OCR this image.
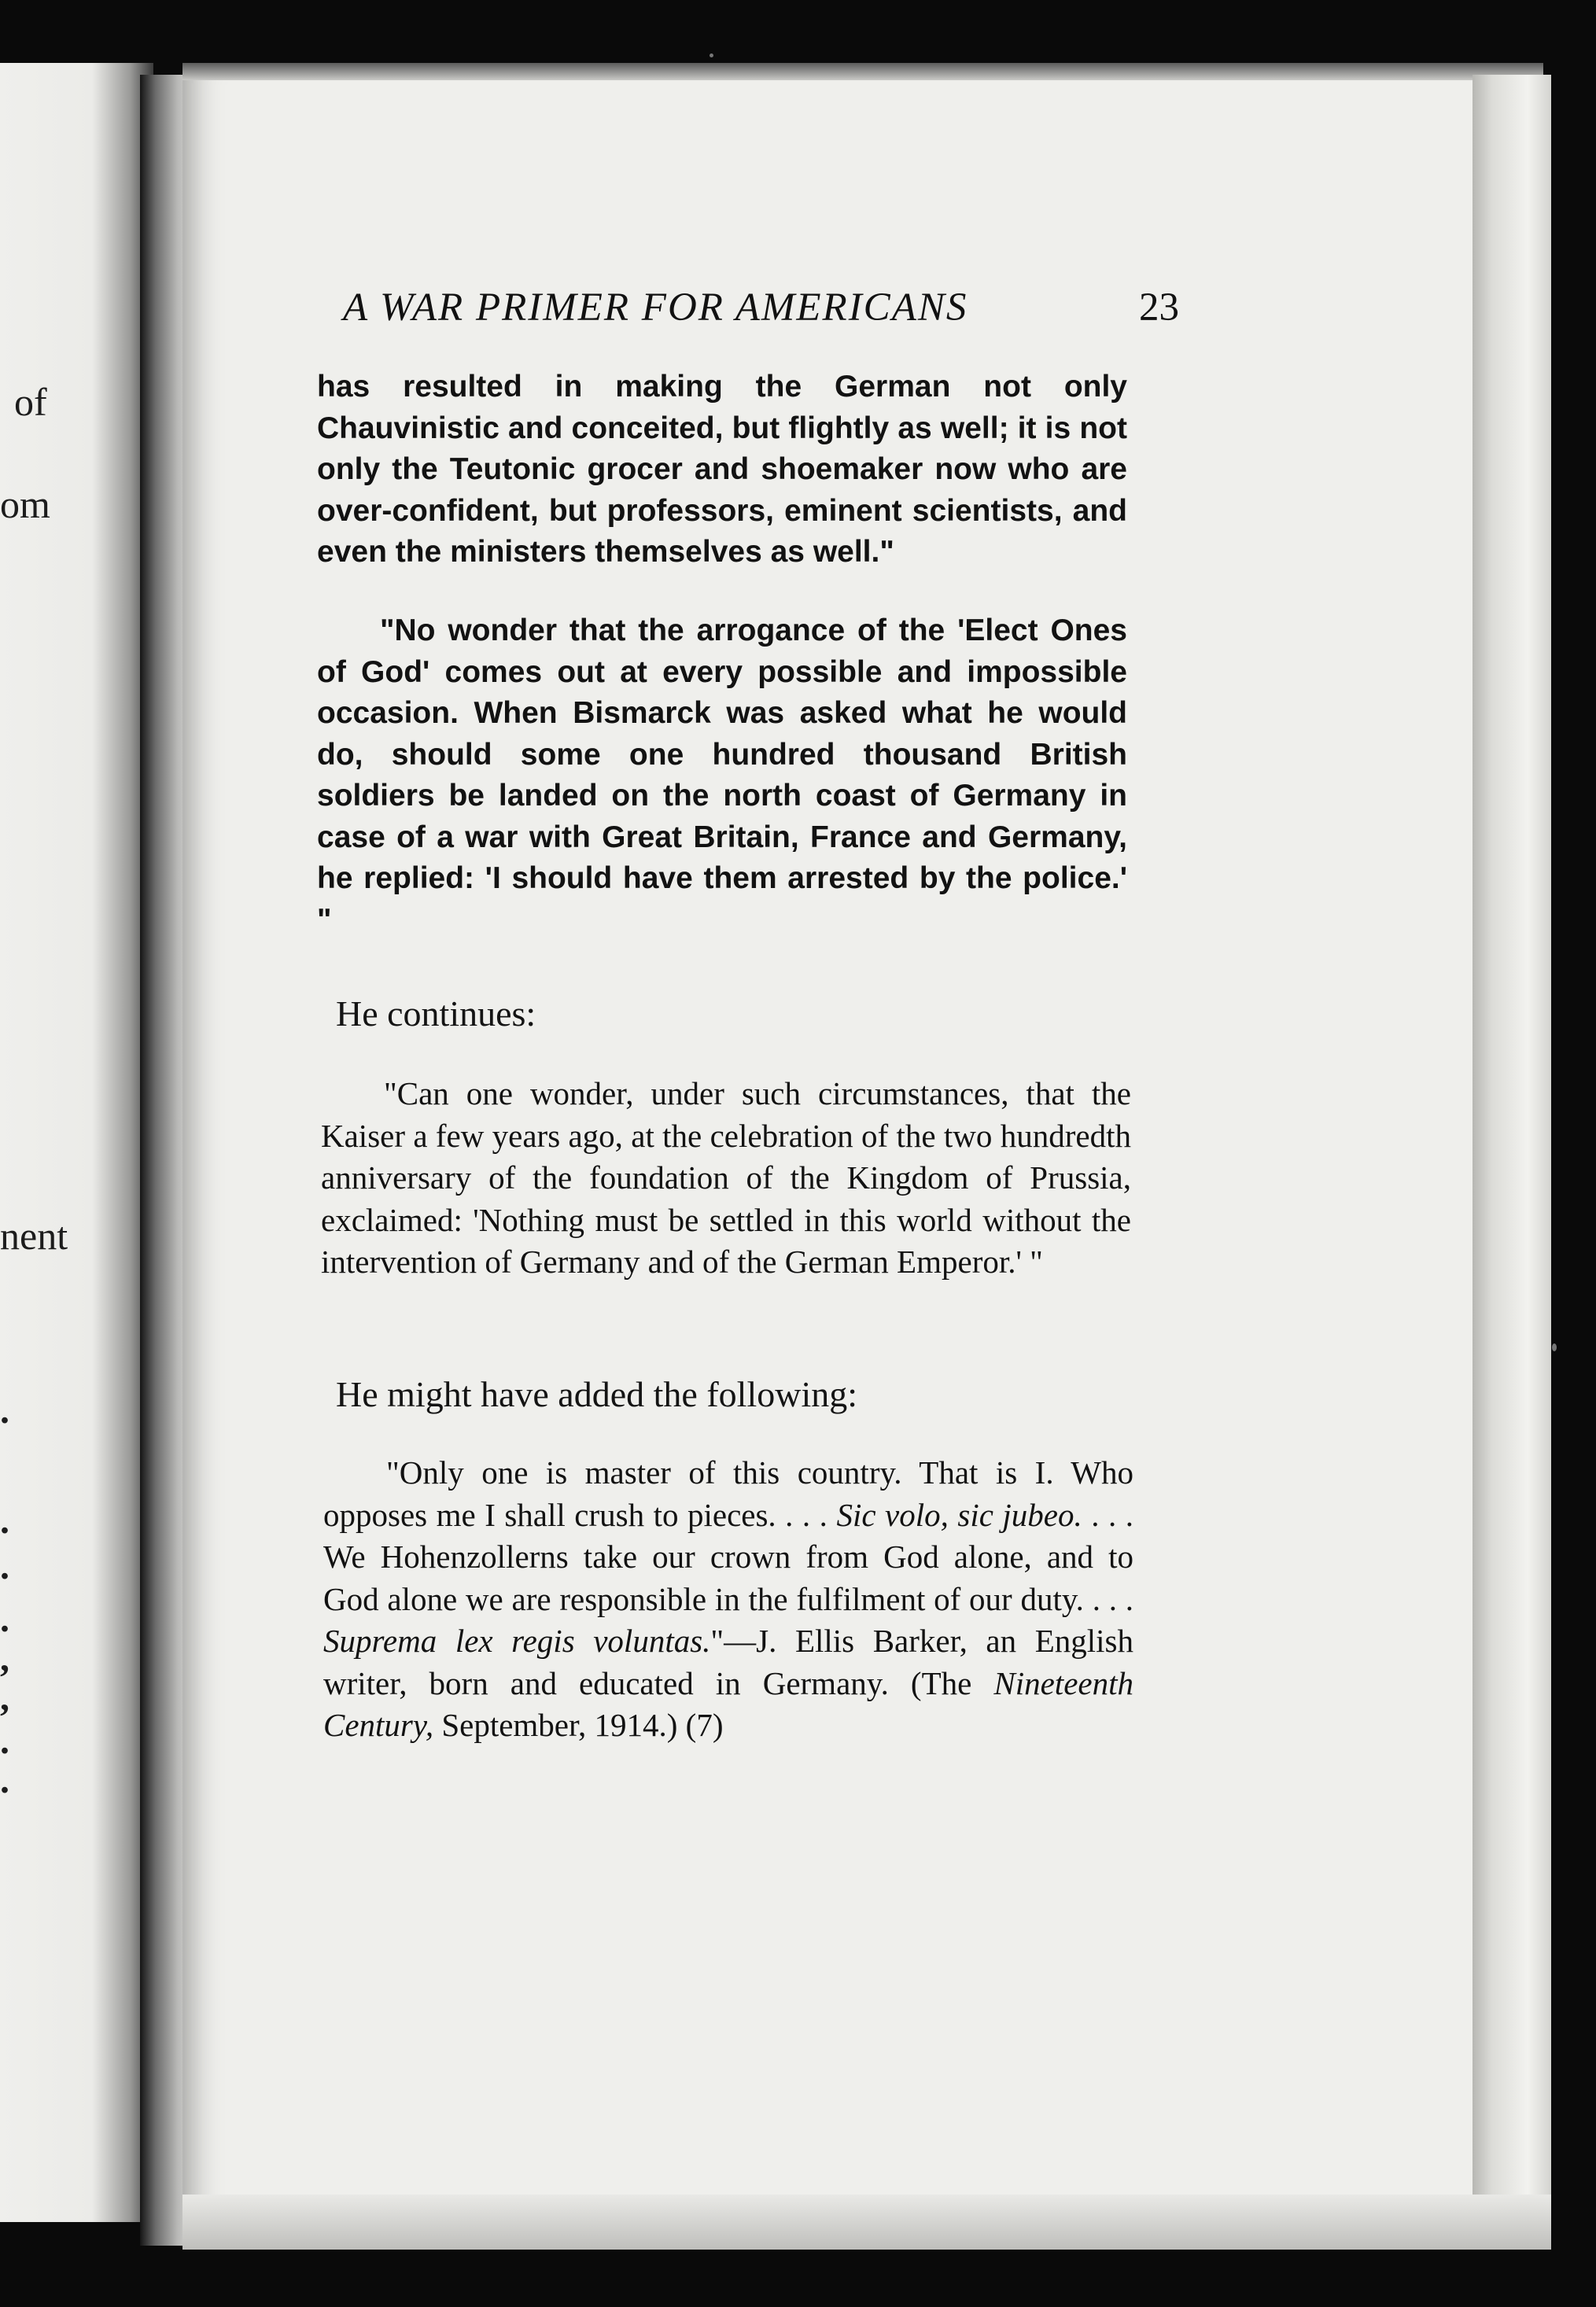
of
om
nent
.
.
.
.
,
,
.
.
A WAR PRIMER FOR AMERICANS	23

has resulted in making the German not only Chauvinistic and conceited, but flightly as well; it is not only the Teutonic grocer and shoemaker now who are over-confident, but professors, eminent scientists, and even the ministers themselves as well."

"No wonder that the arrogance of the 'Elect Ones of God' comes out at every possible and impossible occasion. When Bismarck was asked what he would do, should some one hundred thousand British soldiers be landed on the north coast of Germany in case of a war with Great Britain, France and Germany, he replied: 'I should have them arrested by the police.' "

He continues:

"Can one wonder, under such circumstances, that the Kaiser a few years ago, at the celebration of the two hundredth anniversary of the foundation of the Kingdom of Prussia, exclaimed: 'Nothing must be settled in this world without the intervention of Germany and of the German Emperor.' "

He might have added the following:

"Only one is master of this country. That is I. Who opposes me I shall crush to pieces. . . . Sic volo, sic jubeo. . . . We Hohenzollerns take our crown from God alone, and to God alone we are responsible in the fulfilment of our duty. . . . Suprema lex regis voluntas."—J. Ellis Barker, an English writer, born and educated in Germany. (The Nineteenth Century, September, 1914.) (7)
